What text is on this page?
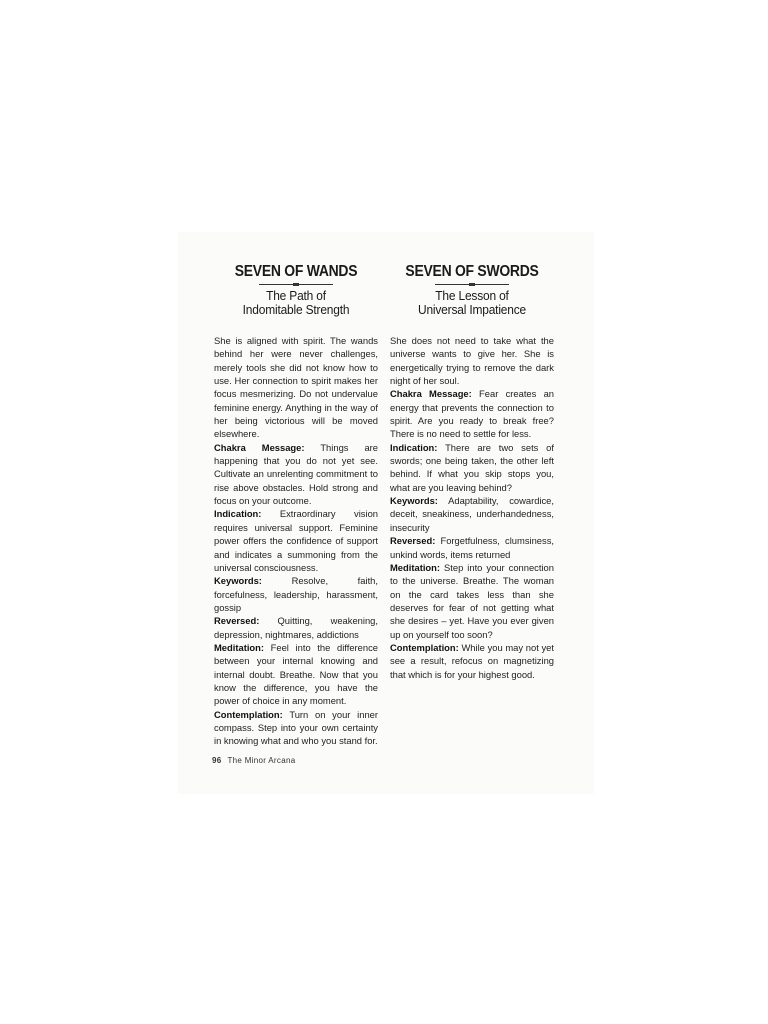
SEVEN OF WANDS
The Path of
Indomitable Strength

She is aligned with spirit. The wands behind her were never challenges, merely tools she did not know how to use. Her connection to spirit makes her focus mesmerizing. Do not undervalue feminine energy. Anything in the way of her being victorious will be moved elsewhere.

Chakra Message: Things are happening that you do not yet see. Cultivate an unrelenting commitment to rise above obstacles. Hold strong and focus on your outcome.

Indication: Extraordinary vision requires universal support. Feminine power offers the confidence of support and indicates a summoning from the universal consciousness.

Keywords:	Resolve, faith, forcefulness, leadership, harassment, gossip

Reversed: Quitting, weakening, depression, nightmares, addictions

Meditation: Feel into the difference between your internal knowing and internal doubt. Breathe. Now that you know the difference, you have the power of choice in any moment.

Contemplation: Turn on your inner compass. Step into your own certainty in knowing what and who you stand for.

SEVEN OF SWORDS
The Lesson of
Universal Impatience

She does not need to take what the universe wants to give her. She is energetically trying to remove the dark night of her soul.

Chakra Message: Fear creates an energy that prevents the connection to spirit. Are you ready to break free? There is no need to settle for less.

Indication: There are two sets of swords; one being taken, the other left behind. If what you skip stops you, what are you leaving behind?

Keywords: Adaptability, cowardice, deceit, sneakiness, underhandedness, insecurity

Reversed: Forgetfulness, clumsiness, unkind words, items returned

Meditation: Step into your connection to the universe. Breathe. The woman on the card takes less than she deserves for fear of not getting what she desires – yet. Have you ever given up on yourself too soon?

Contemplation: While you may not yet see a result, refocus on magnetizing that which is for your highest good.

96 The Minor Arcana
